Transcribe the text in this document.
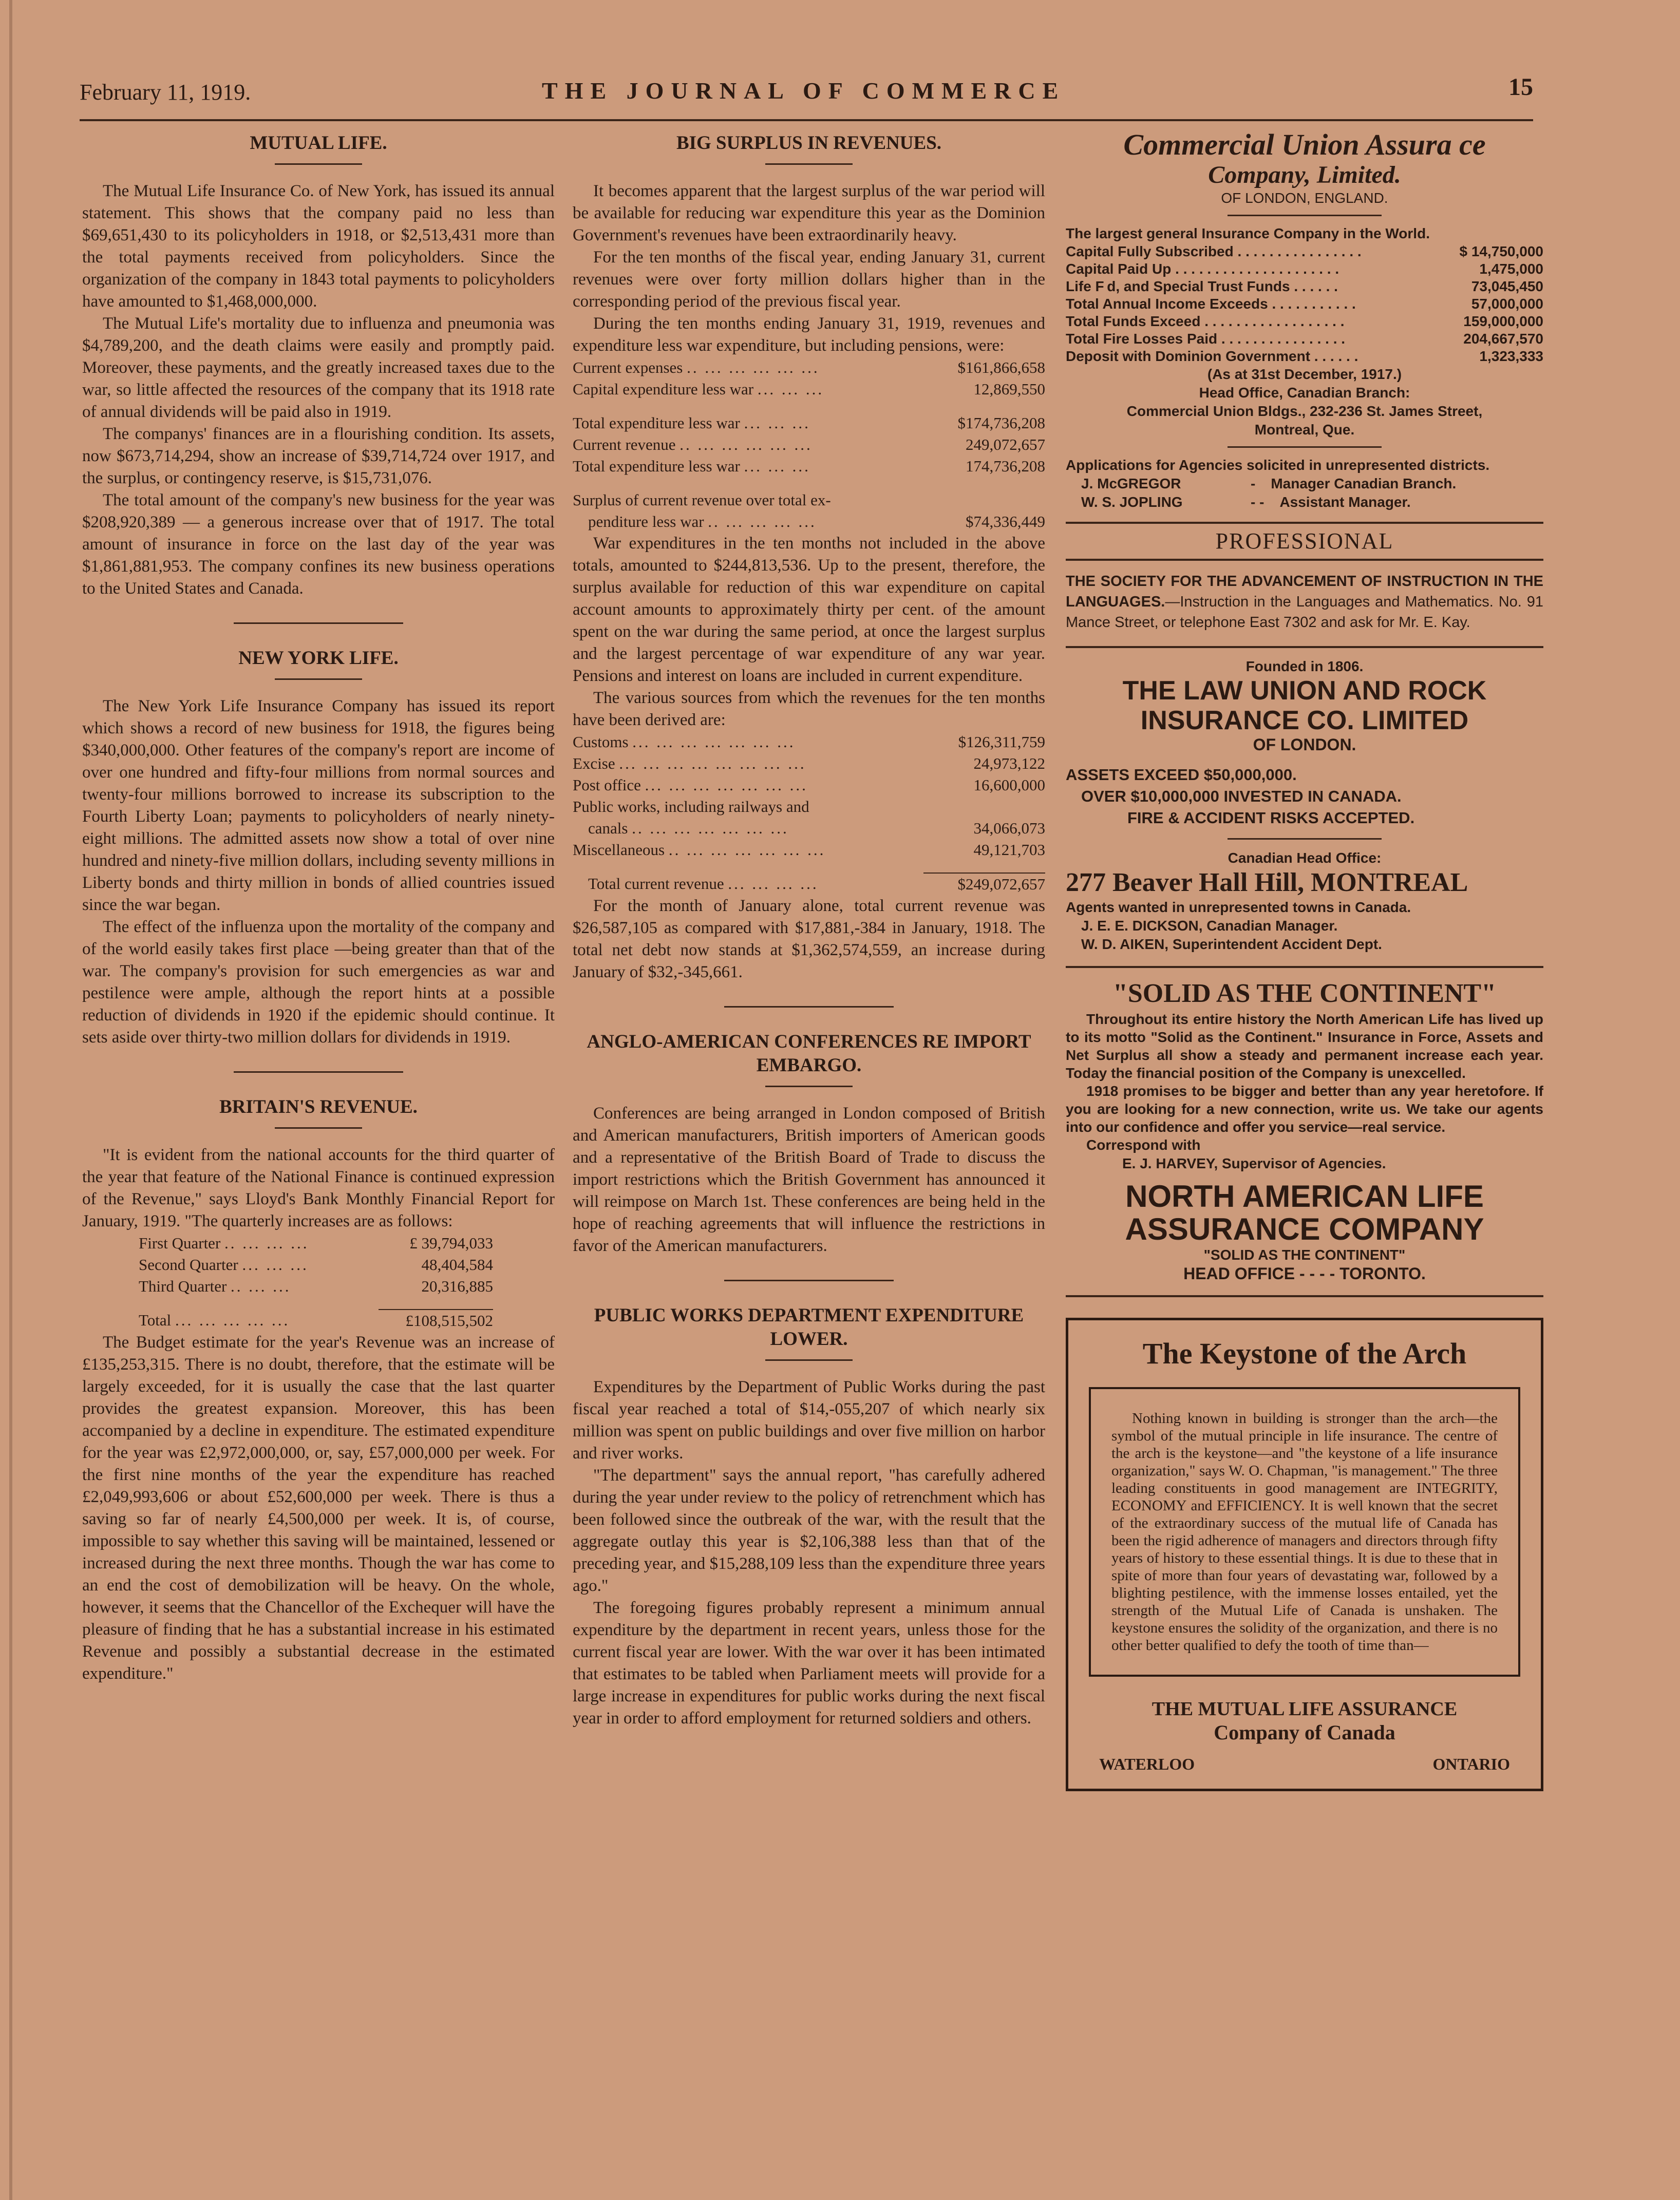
February 11, 1919.	THE JOURNAL OF COMMERCE	15
MUTUAL LIFE.

The Mutual Life Insurance Co. of New York, has issued its annual statement. This shows that the company paid no less than $69,651,430 to its policyholders in 1918, or $2,513,431 more than the total payments received from policyholders. Since the organization of the company in 1843 total payments to policyholders have amounted to $1,468,000,000.

The Mutual Life's mortality due to influenza and pneumonia was $4,789,200, and the death claims were easily and promptly paid. Moreover, these payments, and the greatly increased taxes due to the war, so little affected the resources of the company that its 1918 rate of annual dividends will be paid also in 1919.

The companys' finances are in a flourishing condition. Its assets, now $673,714,294, show an increase of $39,714,724 over 1917, and the surplus, or contingency reserve, is $15,731,076.

The total amount of the company's new business for the year was $208,920,389 — a generous increase over that of 1917. The total amount of insurance in force on the last day of the year was $1,861,881,953. The company confines its new business operations to the United States and Canada.

NEW YORK LIFE.

The New York Life Insurance Company has issued its report which shows a record of new business for 1918, the figures being $340,000,000. Other features of the company's report are income of over one hundred and fifty-four millions from normal sources and twenty-four millions borrowed to increase its subscription to the Fourth Liberty Loan; payments to policyholders of nearly ninety-eight millions. The admitted assets now show a total of over nine hundred and ninety-five million dollars, including seventy millions in Liberty bonds and thirty million in bonds of allied countries issued since the war began.

The effect of the influenza upon the mortality of the company and of the world easily takes first place —being greater than that of the war. The company's provision for such emergencies as war and pestilence were ample, although the report hints at a possible reduction of dividends in 1920 if the epidemic should continue. It sets aside over thirty-two million dollars for dividends in 1919.

BRITAIN'S REVENUE.

"It is evident from the national accounts for the third quarter of the year that feature of the National Finance is continued expression of the Revenue," says Lloyd's Bank Monthly Financial Report for January, 1919. "The quarterly increases are as follows:

First Quarter .. ... ... ...	£ 39,794,033	
Second Quarter ... ... ...	48,404,584	
Third Quarter .. ... ...	20,316,885	

Total ... ... ... ... ...	£108,515,502	

The Budget estimate for the year's Revenue was an increase of £135,253,315. There is no doubt, therefore, that the estimate will be largely exceeded, for it is usually the case that the last quarter provides the greatest expansion. Moreover, this has been accompanied by a decline in expenditure. The estimated expenditure for the year was £2,972,000,000, or, say, £57,000,000 per week. For the first nine months of the year the expenditure has reached £2,049,993,606 or about £52,600,000 per week. There is thus a saving so far of nearly £4,500,000 per week. It is, of course, impossible to say whether this saving will be maintained, lessened or increased during the next three months. Though the war has come to an end the cost of demobilization will be heavy. On the whole, however, it seems that the Chancellor of the Exchequer will have the pleasure of finding that he has a substantial increase in his estimated Revenue and possibly a substantial decrease in the estimated expenditure."

BIG SURPLUS IN REVENUES.

It becomes apparent that the largest surplus of the war period will be available for reducing war expenditure this year as the Dominion Government's revenues have been extraordinarily heavy.

For the ten months of the fiscal year, ending January 31, current revenues were over forty million dollars higher than in the corresponding period of the previous fiscal year.

During the ten months ending January 31, 1919, revenues and expenditure less war expenditure, but including pensions, were:

Current expenses .. ... ... ... ... ...	$161,866,658
Capital expenditure less war ... ... ...	12,869,550

Total expenditure less war ... ... ...	$174,736,208
Current revenue .. ... ... ... ... ...	249,072,657
Total expenditure less war ... ... ...	174,736,208

Surplus of current revenue over total ex-	
penditure less war .. ... ... ... ...	$74,336,449

War expenditures in the ten months not included in the above totals, amounted to $244,813,536. Up to the present, therefore, the surplus available for reduction of this war expenditure on capital account amounts to approximately thirty per cent. of the amount spent on the war during the same period, at once the largest surplus and the largest percentage of war expenditure of any war year. Pensions and interest on loans are included in current expenditure.

The various sources from which the revenues for the ten months have been derived are:

Customs ... ... ... ... ... ... ...	$126,311,759
Excise ... ... ... ... ... ... ... ...	24,973,122
Post office ... ... ... ... ... ... ...	16,600,000
Public works, including railways and	
canals .. ... ... ... ... ... ...	34,066,073
Miscellaneous .. ... ... ... ... ... ...	49,121,703

Total current revenue ... ... ... ...	$249,072,657

For the month of January alone, total current revenue was $26,587,105 as compared with $17,881,-384 in January, 1918. The total net debt now stands at $1,362,574,559, an increase during January of $32,-345,661.

ANGLO-AMERICAN CONFERENCES RE IMPORT EMBARGO.

Conferences are being arranged in London composed of British and American manufacturers, British importers of American goods and a representative of the British Board of Trade to discuss the import restrictions which the British Government has announced it will reimpose on March 1st. These conferences are being held in the hope of reaching agreements that will influence the restrictions in favor of the American manufacturers.

PUBLIC WORKS DEPARTMENT EXPENDITURE LOWER.

Expenditures by the Department of Public Works during the past fiscal year reached a total of $14,-055,207 of which nearly six million was spent on public buildings and over five million on harbor and river works.

"The department" says the annual report, "has carefully adhered during the year under review to the policy of retrenchment which has been followed since the outbreak of the war, with the result that the aggregate outlay this year is $2,106,388 less than that of the preceding year, and $15,288,109 less than the expenditure three years ago."

The foregoing figures probably represent a minimum annual expenditure by the department in recent years, unless those for the current fiscal year are lower. With the war over it has been intimated that estimates to be tabled when Parliament meets will provide for a large increase in expenditures for public works during the next fiscal year in order to afford employment for returned soldiers and others.

Commercial Union Assura ce
Company, Limited.
OF LONDON, ENGLAND.
The largest general Insurance Company in the World.
Capital Fully Subscribed . . . . . . . . . . . . . . . .	$ 14,750,000
Capital Paid Up . . . . . . . . . . . . . . . . . . . . .	1,475,000
Life F d, and Special Trust Funds . . . . . .	73,045,450
Total Annual Income Exceeds . . . . . . . . . . .	57,000,000
Total Funds Exceed . . . . . . . . . . . . . . . . . .	159,000,000
Total Fire Losses Paid . . . . . . . . . . . . . . . .	204,667,570
Deposit with Dominion Government . . . . . .	1,323,333
(As at 31st December, 1917.)
Head Office, Canadian Branch:
Commercial Union Bldgs., 232-236 St. James Street,
Montreal, Que.
Applications for Agencies solicited in unrepresented districts.
J. McGREGOR	- Manager Canadian Branch.
W. S. JOPLING	- - Assistant Manager.
PROFESSIONAL
THE SOCIETY FOR THE ADVANCEMENT OF INSTRUCTION IN THE LANGUAGES.—Instruction in the Languages and Mathematics. No. 91 Mance Street, or telephone East 7302 and ask for Mr. E. Kay.
Founded in 1806.
THE LAW UNION AND ROCK
INSURANCE CO. LIMITED
OF LONDON.
ASSETS EXCEED $50,000,000.
OVER $10,000,000 INVESTED IN CANADA.
FIRE & ACCIDENT RISKS ACCEPTED.
Canadian Head Office:
277 Beaver Hall Hill, MONTREAL
Agents wanted in unrepresented towns in Canada.
J. E. E. DICKSON, Canadian Manager.
W. D. AIKEN, Superintendent Accident Dept.
"SOLID AS THE CONTINENT"

Throughout its entire history the North American Life has lived up to its motto "Solid as the Continent." Insurance in Force, Assets and Net Surplus all show a steady and permanent increase each year. Today the financial position of the Company is unexcelled.

1918 promises to be bigger and better than any year heretofore. If you are looking for a new connection, write us. We take our agents into our confidence and offer you service—real service.

Correspond with
E. J. HARVEY, Supervisor of Agencies.
NORTH AMERICAN LIFE
ASSURANCE COMPANY
"SOLID AS THE CONTINENT"
HEAD OFFICE - - - - TORONTO.
The Keystone of the Arch

Nothing known in building is stronger than the arch—the symbol of the mutual principle in life insurance. The centre of the arch is the keystone—and "the keystone of a life insurance organization," says W. O. Chapman, "is management." The three leading constituents in good management are INTEGRITY, ECONOMY and EFFICIENCY. It is well known that the secret of the extraordinary success of the mutual life of Canada has been the rigid adherence of managers and directors through fifty years of history to these essential things. It is due to these that in spite of more than four years of devastating war, followed by a blighting pestilence, with the immense losses entailed, yet the strength of the Mutual Life of Canada is unshaken. The keystone ensures the solidity of the organization, and there is no other better qualified to defy the tooth of time than—

THE MUTUAL LIFE ASSURANCE
Company of Canada
WATERLOO	ONTARIO
